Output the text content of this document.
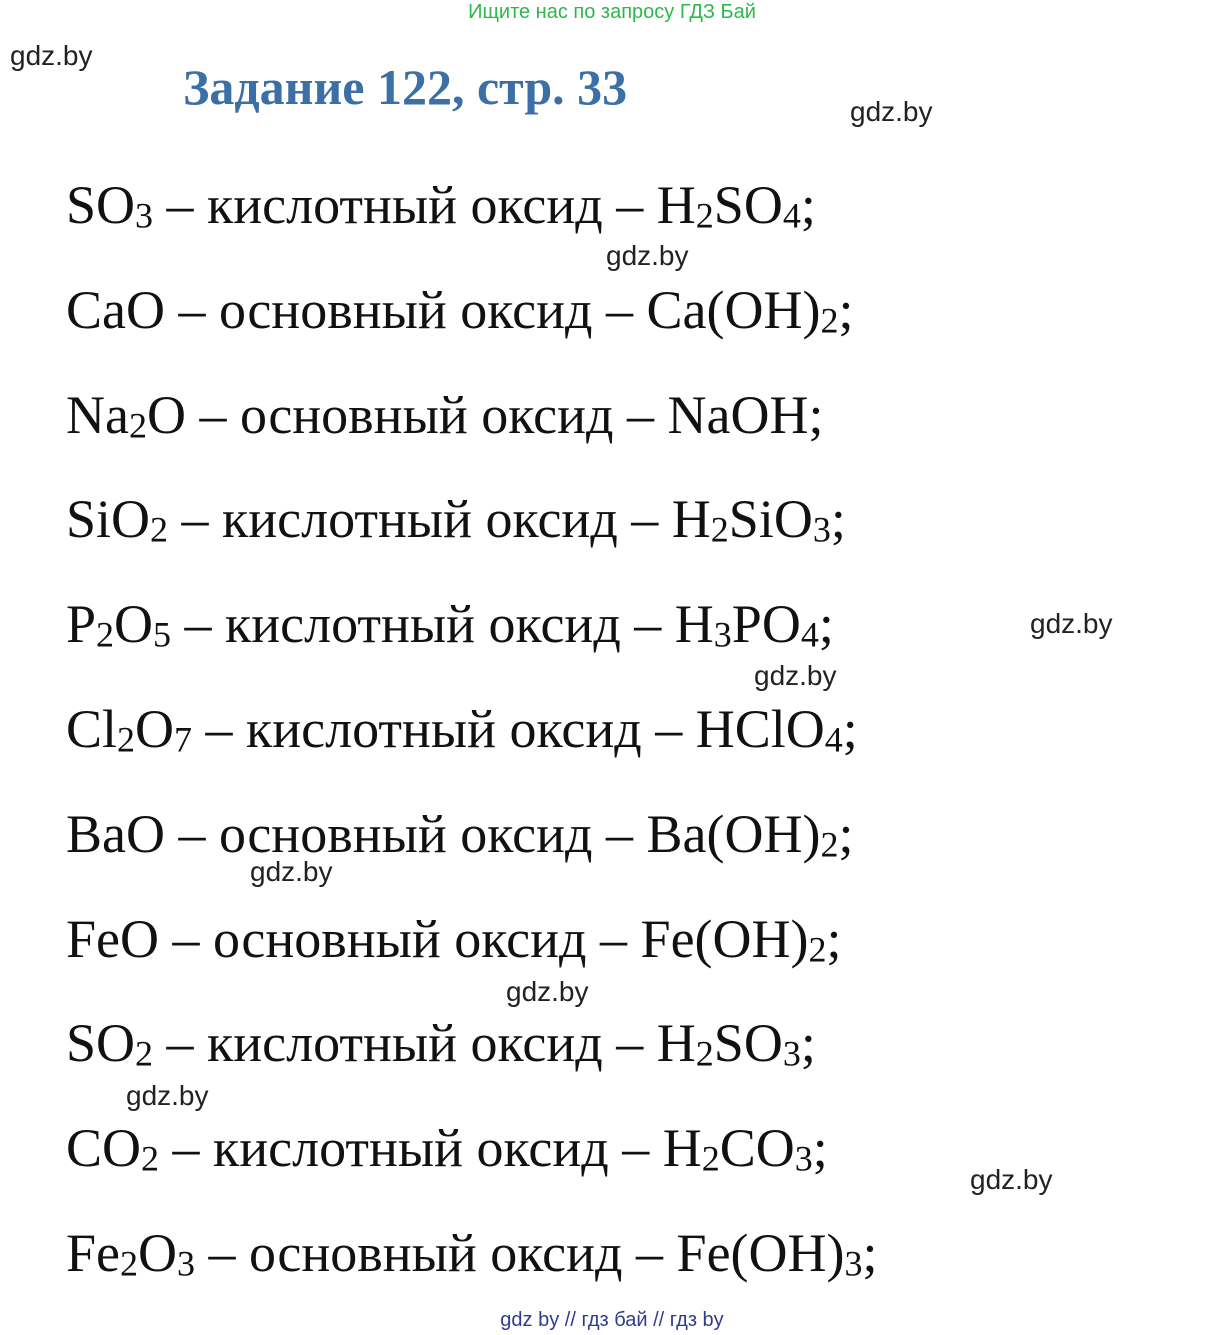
Ищите нас по запросу ГДЗ Бай
gdz.by
Задание 122, стр. 33	gdz.by
$SO_3$ – кислотный оксид – $H_2SO_4$;
CaO – основный оксид – $Ca(OH)_2$;
$Na_2O$ – основный оксид – NaOH;
SiO$_2$ – кислотный оксид – $H_2SiO_3$;
$P_2O_5$ – кислотный оксид – $H_3PO_4$;
$Cl_2O_7$ – кислотный оксид – HClO$_4$;
BaO – основный оксид – $Ba(OH)_2$;
FeO – основный оксид – $Fe(OH)_2$;
$SO_2$ – кислотный оксид – $H_2SO_3$;
$CO_2$ – кислотный оксид – $H_2CO_3$;
$Fe_2O_3$ – основный оксид – $Fe(OH)_3$;
gdz.by
gdz.by
gdz.by
gdz.by
gdz.by
gdz.by
gdz.by
gdz by // гдз бай // гдз by
